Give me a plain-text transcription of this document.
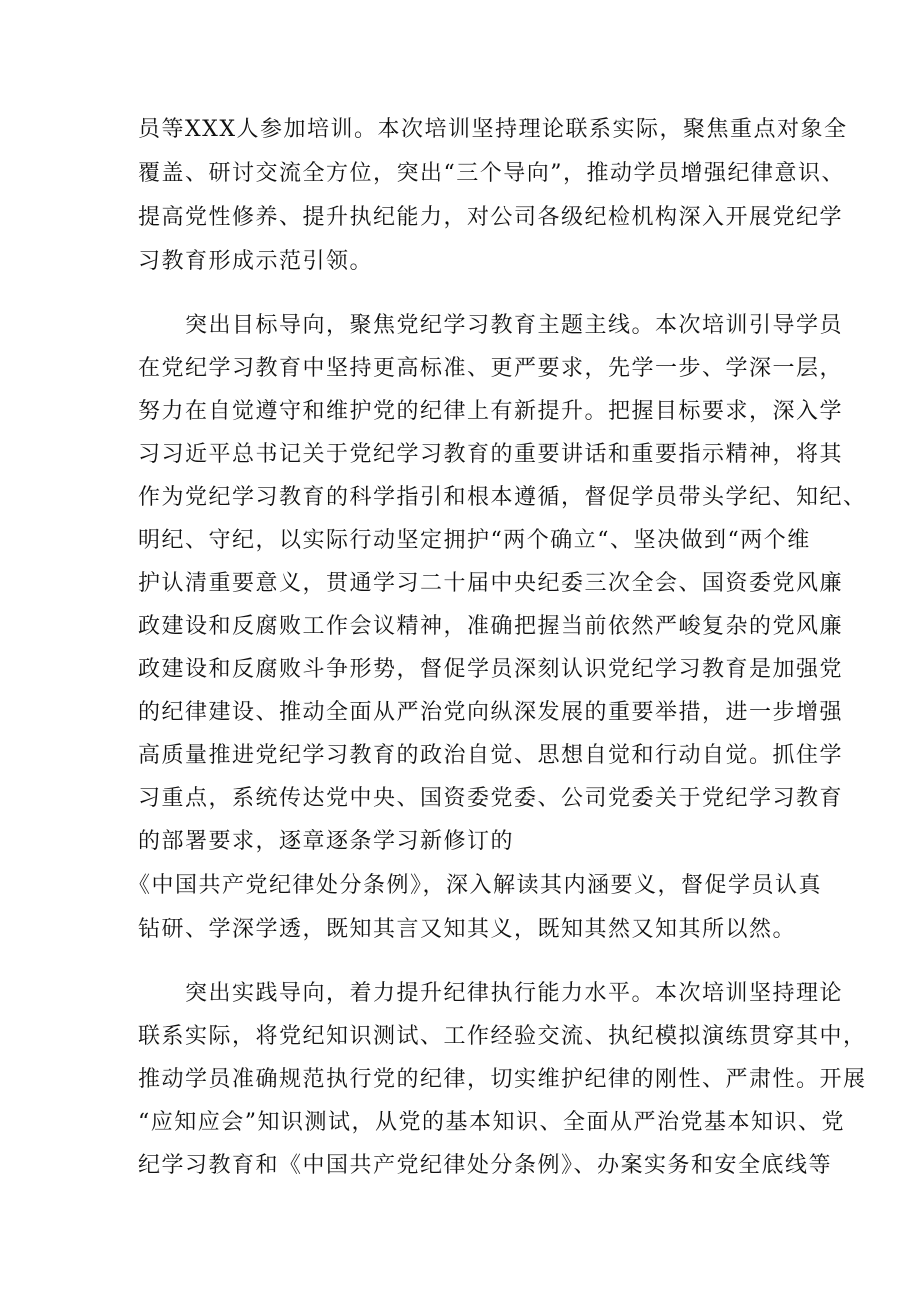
员等XXX人参加培训。本次培训坚持理论联系实际，聚焦重点对象全
覆盖、研讨交流全方位，突出“三个导向”，推动学员增强纪律意识、
提高党性修养、提升执纪能力，对公司各级纪检机构深入开展党纪学
习教育形成示范引领。
突出目标导向，聚焦党纪学习教育主题主线。本次培训引导学员
在党纪学习教育中坚持更高标准、更严要求，先学一步、学深一层，
努力在自觉遵守和维护党的纪律上有新提升。把握目标要求，深入学
习习近平总书记关于党纪学习教育的重要讲话和重要指示精神，将其
作为党纪学习教育的科学指引和根本遵循，督促学员带头学纪、知纪、
明纪、守纪，以实际行动坚定拥护“两个确立“、坚决做到“两个维
护认清重要意义，贯通学习二十届中央纪委三次全会、国资委党风廉
政建设和反腐败工作会议精神，准确把握当前依然严峻复杂的党风廉
政建设和反腐败斗争形势，督促学员深刻认识党纪学习教育是加强党
的纪律建设、推动全面从严治党向纵深发展的重要举措，进一步增强
高质量推进党纪学习教育的政治自觉、思想自觉和行动自觉。抓住学
习重点，系统传达党中央、国资委党委、公司党委关于党纪学习教育
的部署要求，逐章逐条学习新修订的
《中国共产党纪律处分条例》，深入解读其内涵要义，督促学员认真
钻研、学深学透，既知其言又知其义，既知其然又知其所以然。
突出实践导向，着力提升纪律执行能力水平。本次培训坚持理论
联系实际，将党纪知识测试、工作经验交流、执纪模拟演练贯穿其中，
推动学员准确规范执行党的纪律，切实维护纪律的刚性、严肃性。开展
“应知应会”知识测试，从党的基本知识、全面从严治党基本知识、党
纪学习教育和《中国共产党纪律处分条例》、办案实务和安全底线等
